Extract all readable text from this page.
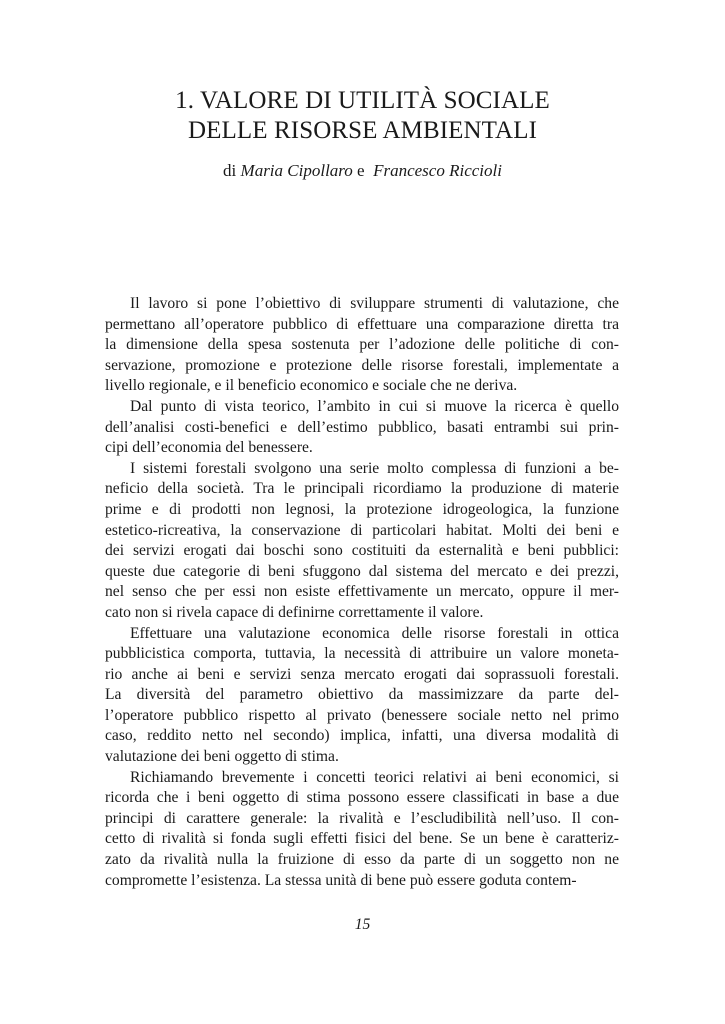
1. VALORE DI UTILITÀ SOCIALE
DELLE RISORSE AMBIENTALI
di Maria Cipollaro e Francesco Riccioli
Il lavoro si pone l’obiettivo di sviluppare strumenti di valutazione, che
permettano all’operatore pubblico di effettuare una comparazione diretta tra
la dimensione della spesa sostenuta per l’adozione delle politiche di con-
servazione, promozione e protezione delle risorse forestali, implementate a
livello regionale, e il beneficio economico e sociale che ne deriva.
Dal punto di vista teorico, l’ambito in cui si muove la ricerca è quello
dell’analisi costi-benefici e dell’estimo pubblico, basati entrambi sui prin-
cipi dell’economia del benessere.
I sistemi forestali svolgono una serie molto complessa di funzioni a be-
neficio della società. Tra le principali ricordiamo la produzione di materie
prime e di prodotti non legnosi, la protezione idrogeologica, la funzione
estetico-ricreativa, la conservazione di particolari habitat. Molti dei beni e
dei servizi erogati dai boschi sono costituiti da esternalità e beni pubblici:
queste due categorie di beni sfuggono dal sistema del mercato e dei prezzi,
nel senso che per essi non esiste effettivamente un mercato, oppure il mer-
cato non si rivela capace di definirne correttamente il valore.
Effettuare una valutazione economica delle risorse forestali in ottica
pubblicistica comporta, tuttavia, la necessità di attribuire un valore moneta-
rio anche ai beni e servizi senza mercato erogati dai soprassuoli forestali.
La diversità del parametro obiettivo da massimizzare da parte del-
l’operatore pubblico rispetto al privato (benessere sociale netto nel primo
caso, reddito netto nel secondo) implica, infatti, una diversa modalità di
valutazione dei beni oggetto di stima.
Richiamando brevemente i concetti teorici relativi ai beni economici, si
ricorda che i beni oggetto di stima possono essere classificati in base a due
principi di carattere generale: la rivalità e l’escludibilità nell’uso. Il con-
cetto di rivalità si fonda sugli effetti fisici del bene. Se un bene è caratteriz-
zato da rivalità nulla la fruizione di esso da parte di un soggetto non ne
compromette l’esistenza. La stessa unità di bene può essere goduta contem-
15
